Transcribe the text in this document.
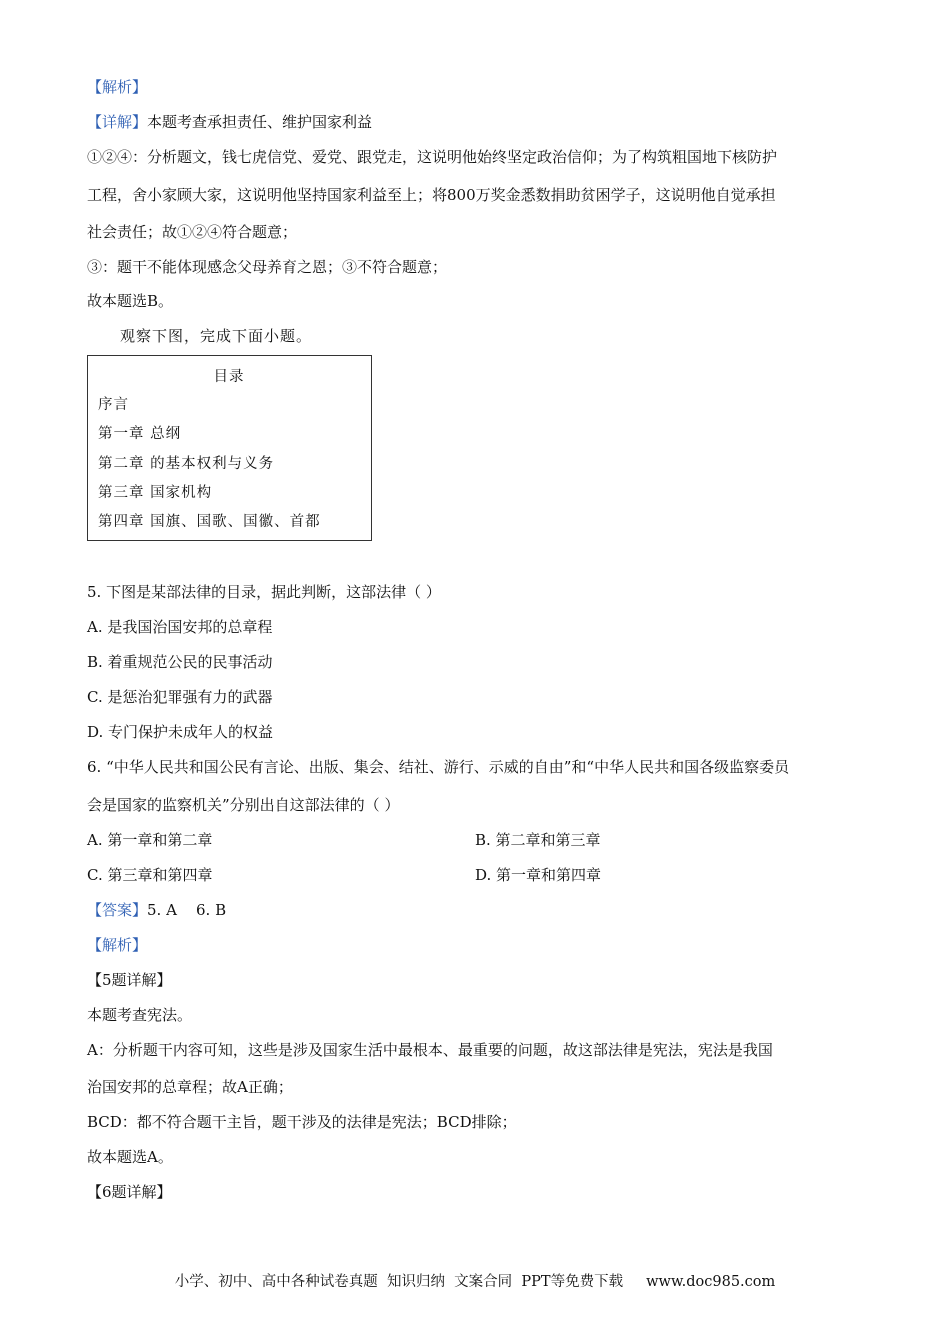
【解析】
【详解】本题考查承担责任、维护国家利益
①②④：分析题文，钱七虎信党、爱党、跟党走，这说明他始终坚定政治信仰；为了构筑粗国地下核防护
工程，舍小家顾大家，这说明他坚持国家利益至上；将800万奖金悉数捐助贫困学子，这说明他自觉承担
社会责任；故①②④符合题意；
③：题干不能体现感念父母养育之恩；③不符合题意；
故本题选B。
观察下图，完成下面小题。
目录
序言
第一章 总纲
第二章 的基本权利与义务
第三章 国家机构
第四章 国旗、国歌、国徽、首都
5. 下图是某部法律的目录，据此判断，这部法律（ ）
A. 是我国治国安邦的总章程
B. 着重规范公民的民事活动
C. 是惩治犯罪强有力的武器
D. 专门保护未成年人的权益
6. “中华人民共和国公民有言论、出版、集会、结社、游行、示威的自由”和“中华人民共和国各级监察委员
会是国家的监察机关”分别出自这部法律的（ ）
A. 第一章和第二章	B. 第二章和第三章
C. 第三章和第四章	D. 第一章和第四章
【答案】5. A    6. B
【解析】
【5题详解】
本题考查宪法。
A：分析题干内容可知，这些是涉及国家生活中最根本、最重要的问题，故这部法律是宪法，宪法是我国
治国安邦的总章程；故A正确；
BCD：都不符合题干主旨，题干涉及的法律是宪法；BCD排除；
故本题选A。
【6题详解】
小学、初中、高中各种试卷真题  知识归纳  文案合同  PPT等免费下载     www.doc985.com
